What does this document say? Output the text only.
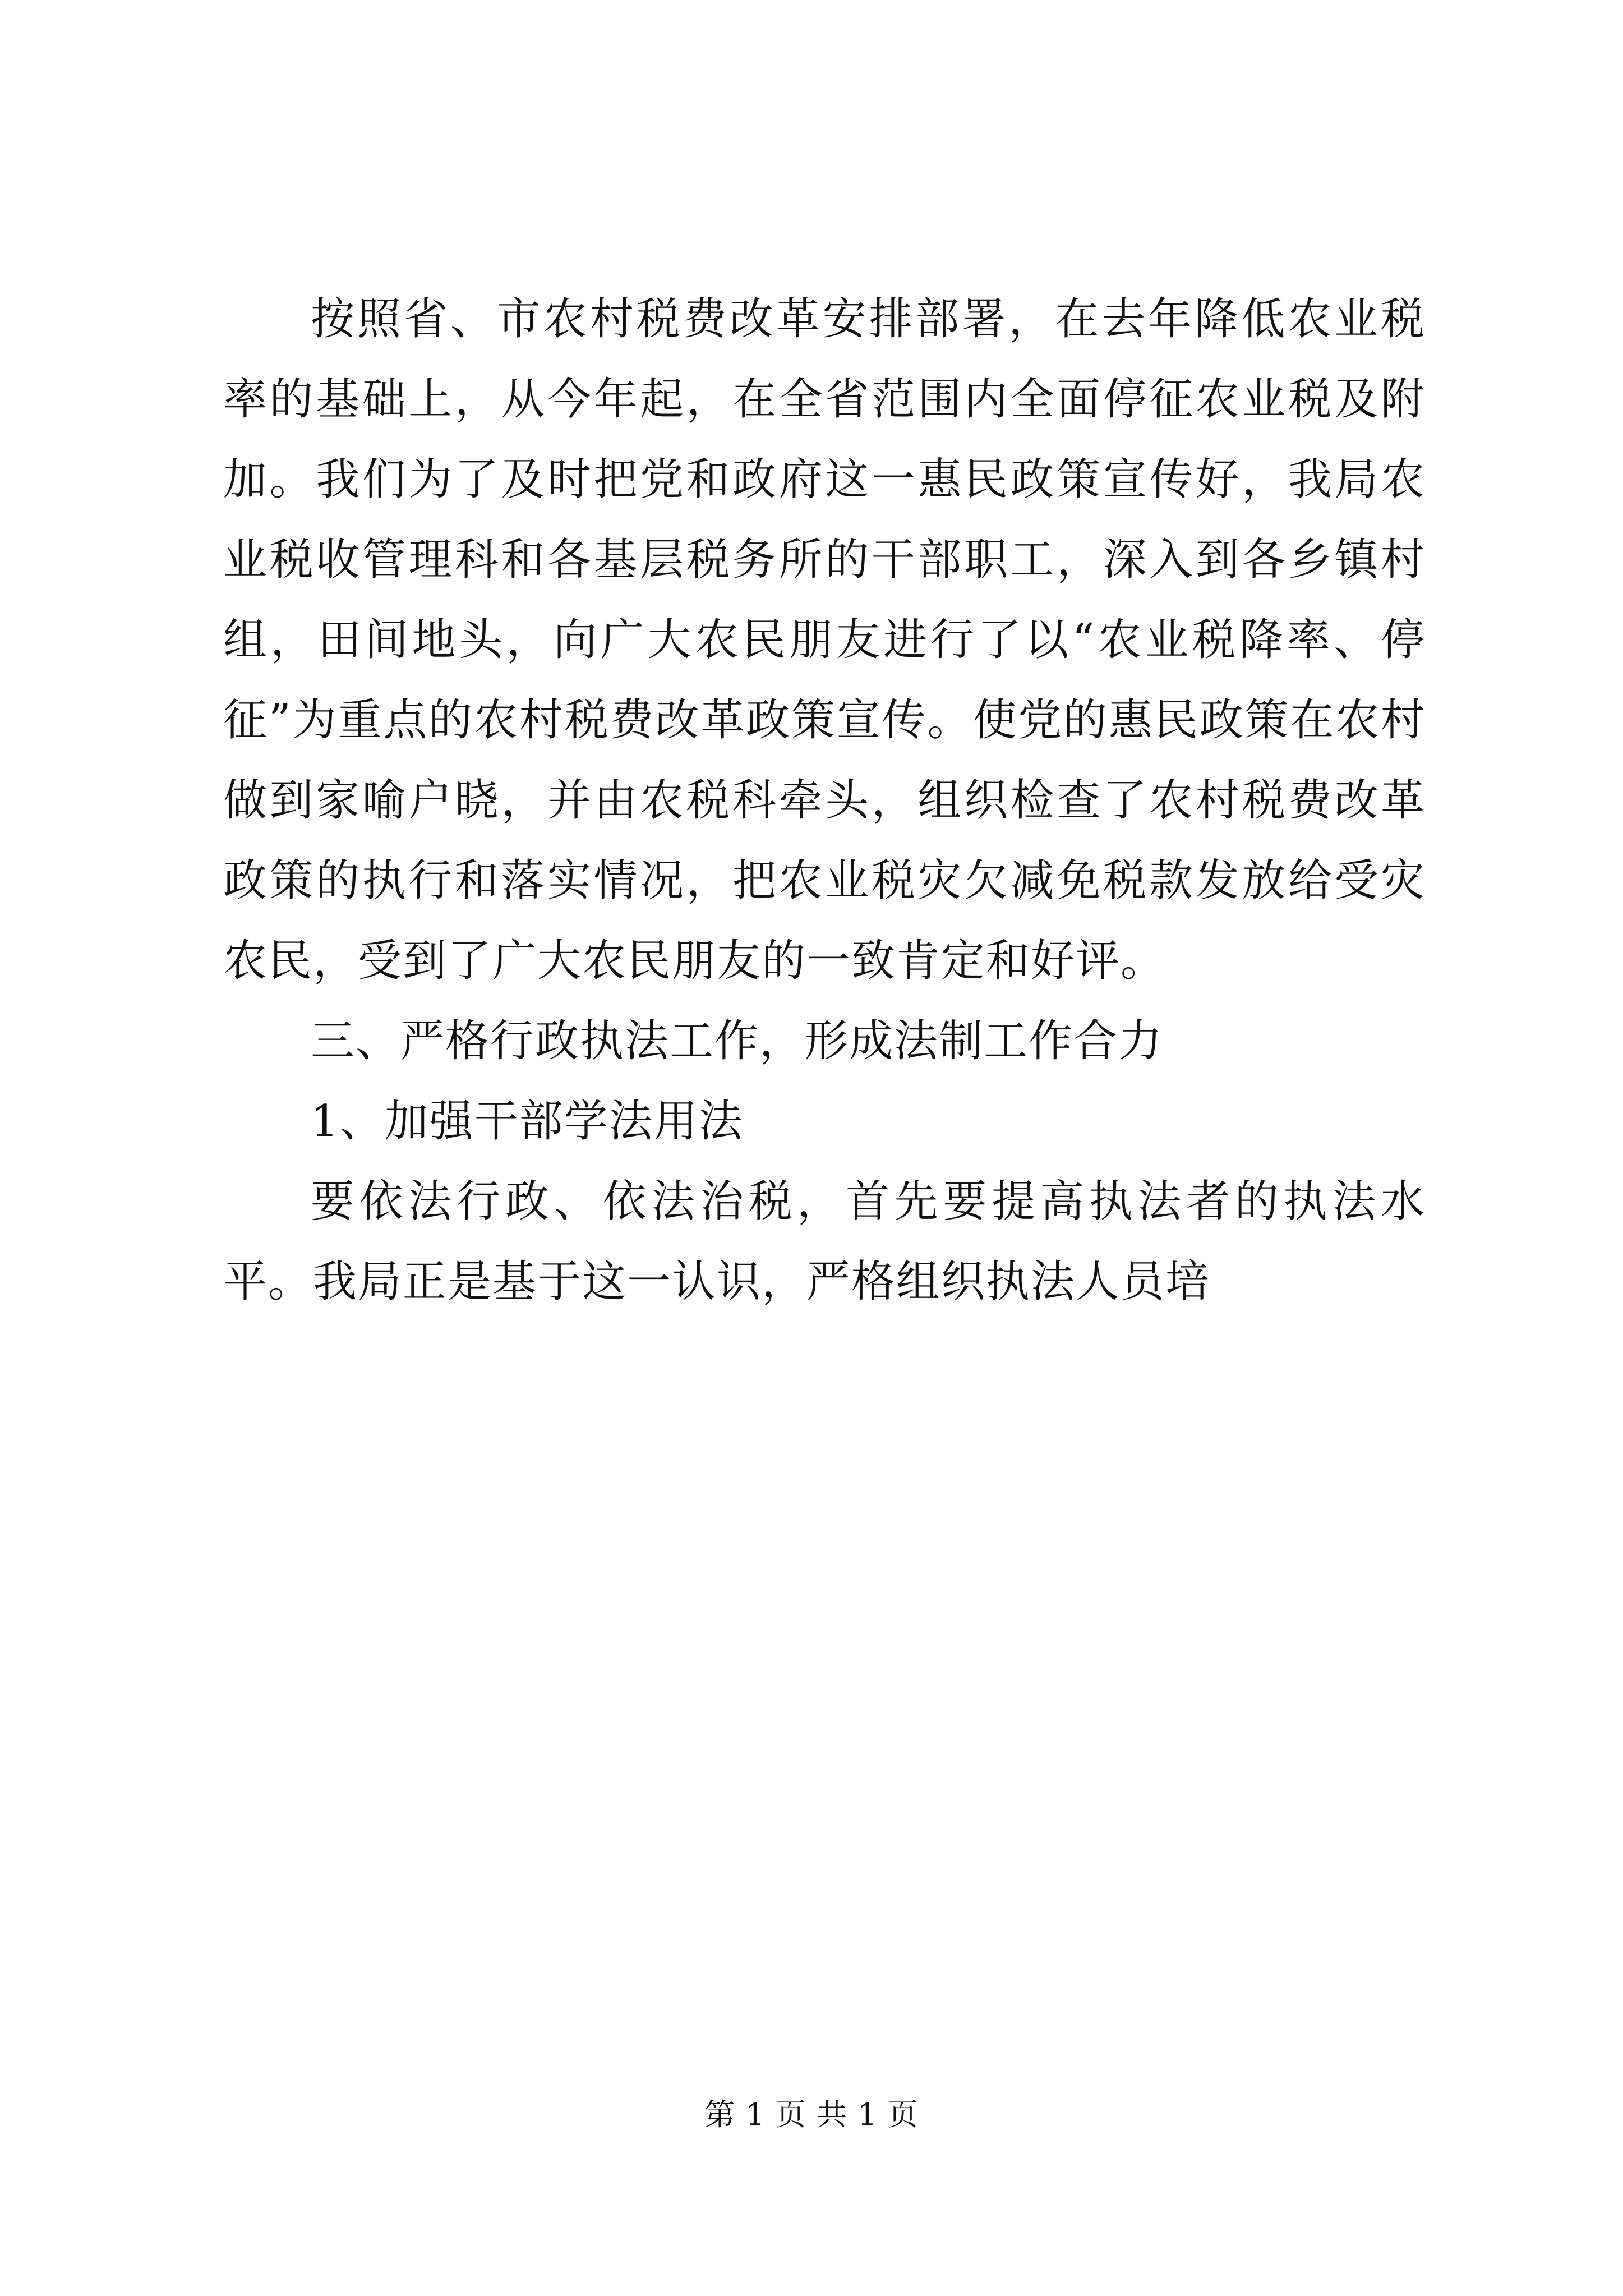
按照省、市农村税费改革安排部署，在去年降低农业税率的基础上，从今年起，在全省范围内全面停征农业税及附加。我们为了及时把党和政府这一惠民政策宣传好，我局农业税收管理科和各基层税务所的干部职工，深入到各乡镇村组，田间地头，向广大农民朋友进行了以“农业税降率、停征”为重点的农村税费改革政策宣传。使党的惠民政策在农村做到家喻户晓，并由农税科牵头，组织检查了农村税费改革政策的执行和落实情况，把农业税灾欠减免税款发放给受灾农民，受到了广大农民朋友的一致肯定和好评。

三、严格行政执法工作，形成法制工作合力

1、加强干部学法用法

要依法行政、依法治税，首先要提高执法者的执法水平。我局正是基于这一认识，严格组织执法人员培

第 1 页 共 1 页
